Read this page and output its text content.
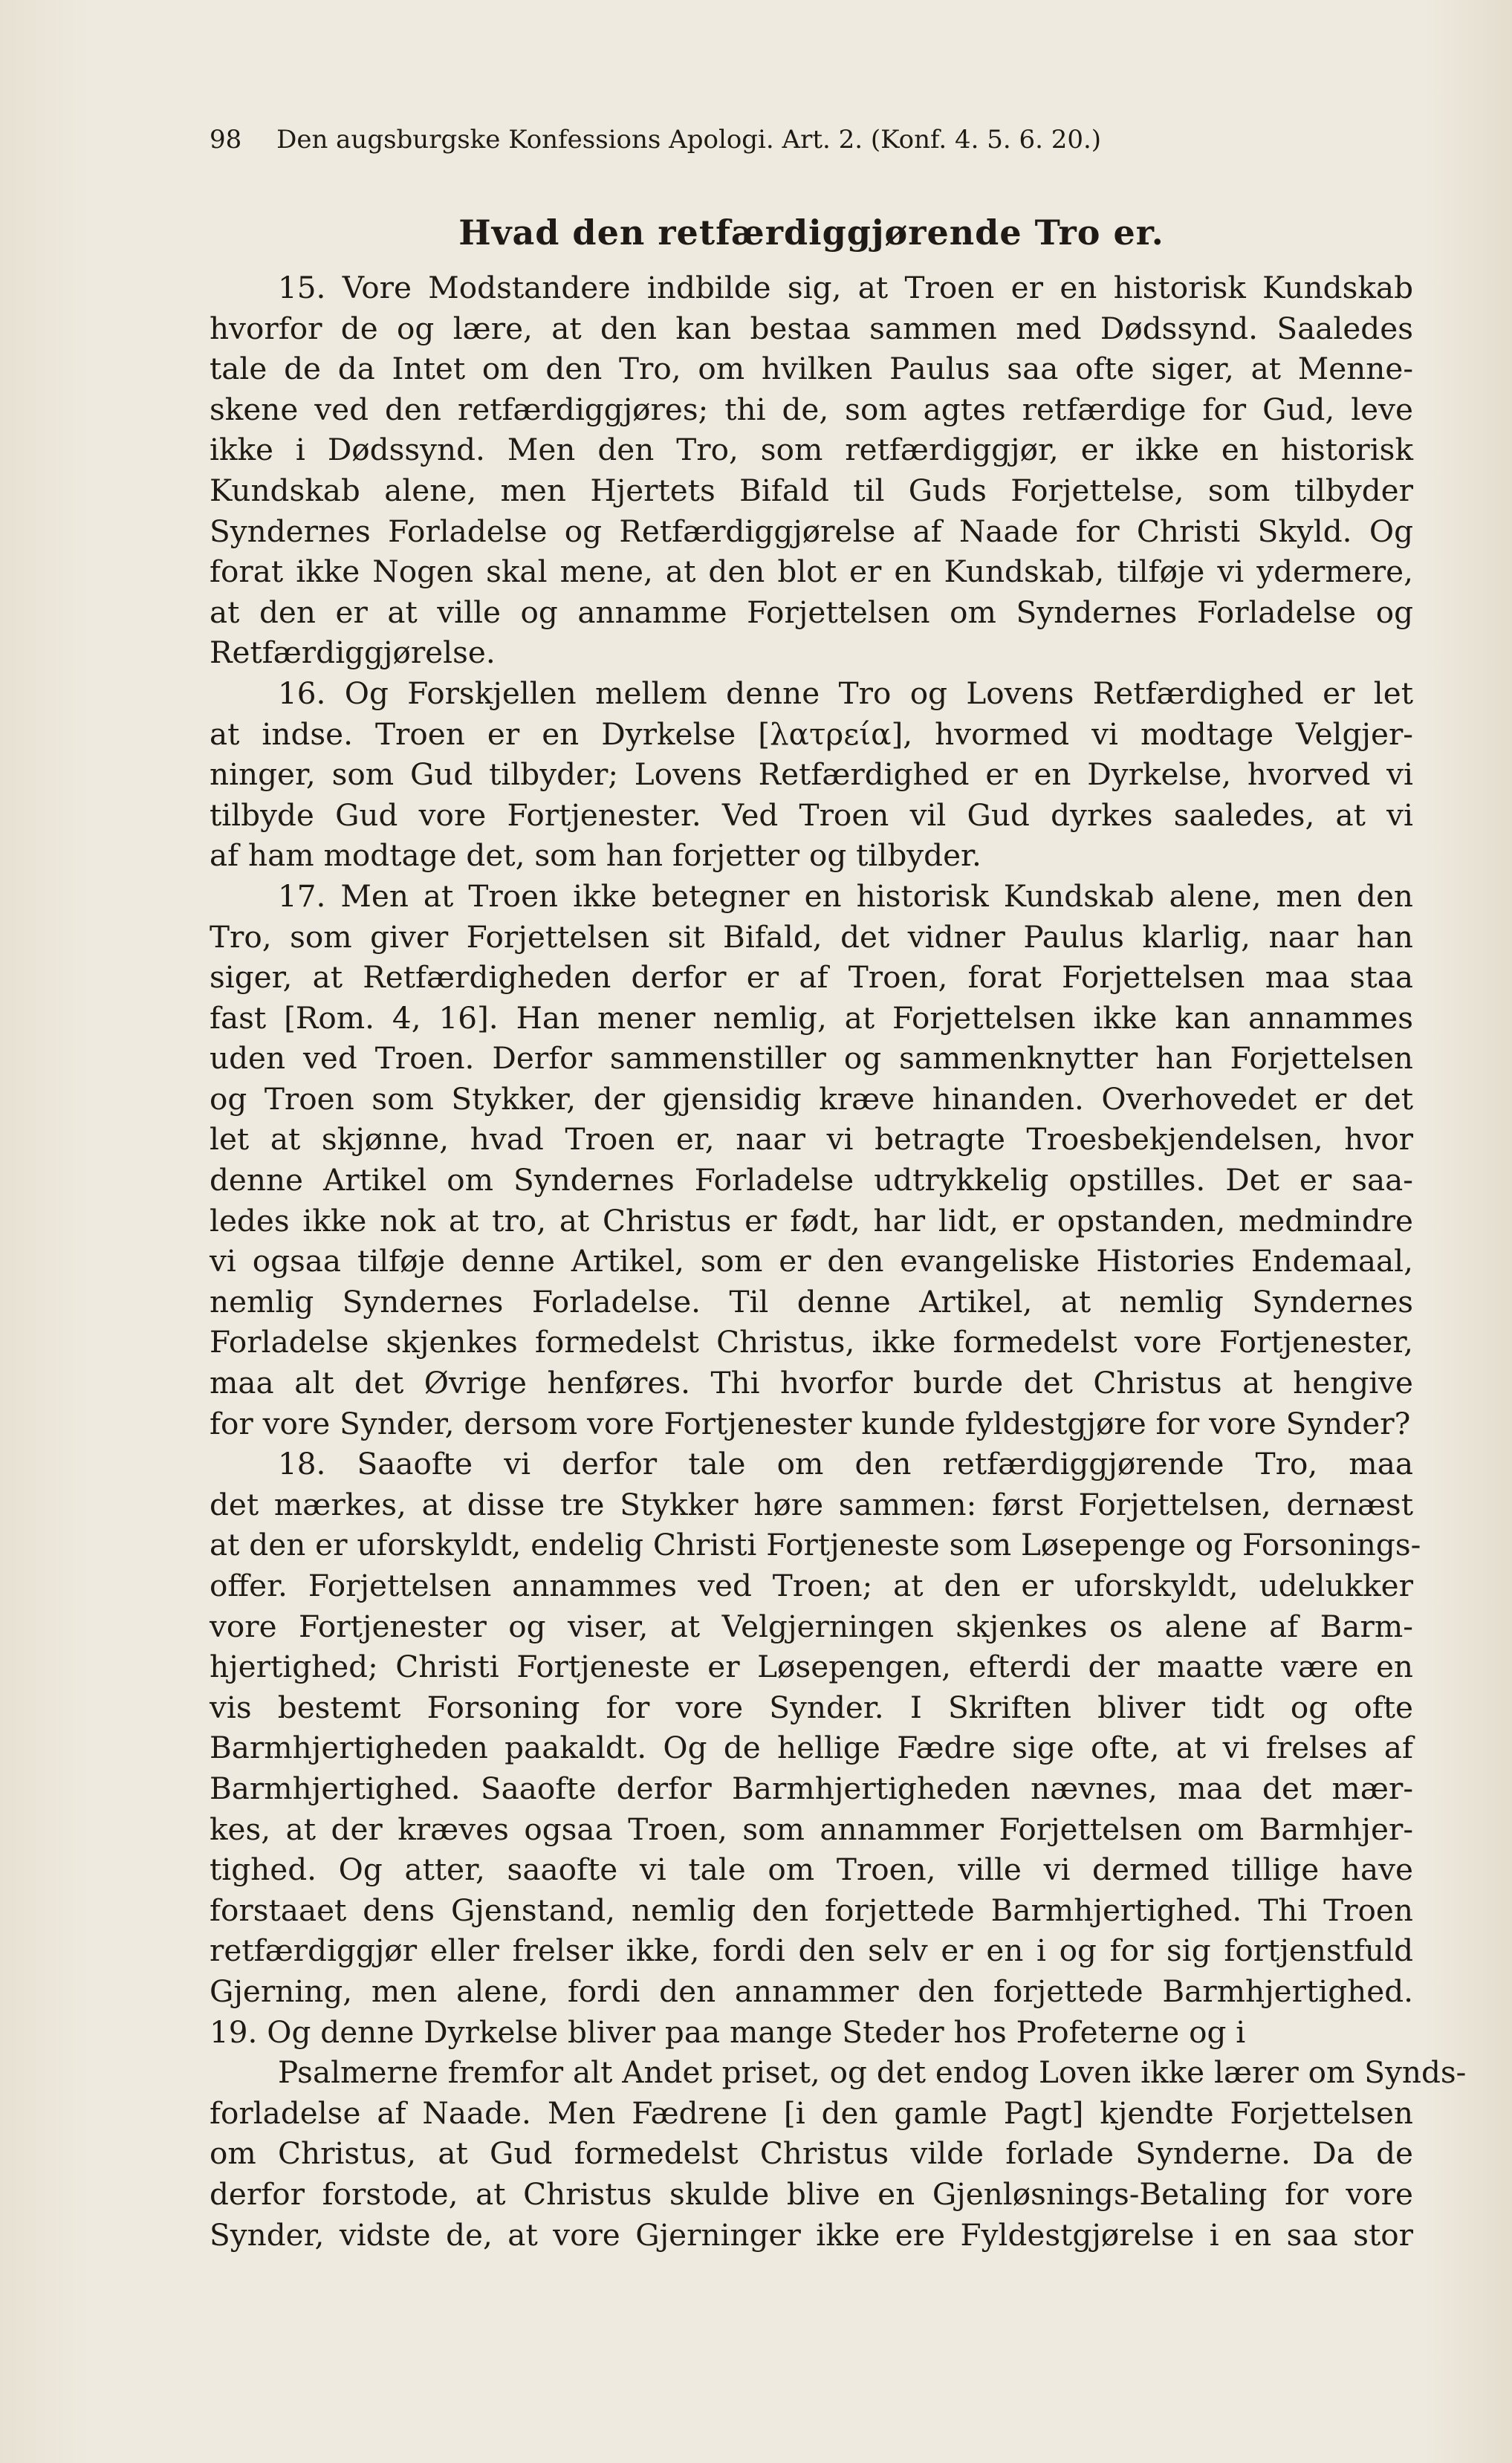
98 Den augsburgske Konfessions Apologi. Art. 2. (Konf. 4. 5. 6. 20.)
Hvad den retfærdiggjørende Tro er.
15. Vore Modstandere indbilde sig, at Troen er en historisk Kundskab
hvorfor de og lære, at den kan bestaa sammen med Dødssynd. Saaledes
tale de da Intet om den Tro, om hvilken Paulus saa ofte siger, at Menne-
skene ved den retfærdiggjøres; thi de, som agtes retfærdige for Gud, leve
ikke i Dødssynd. Men den Tro, som retfærdiggjør, er ikke en historisk
Kundskab alene, men Hjertets Bifald til Guds Forjettelse, som tilbyder
Syndernes Forladelse og Retfærdiggjørelse af Naade for Christi Skyld. Og
forat ikke Nogen skal mene, at den blot er en Kundskab, tilføje vi ydermere,
at den er at ville og annamme Forjettelsen om Syndernes Forladelse og
Retfærdiggjørelse.
16. Og Forskjellen mellem denne Tro og Lovens Retfærdighed er let
at indse. Troen er en Dyrkelse [λατρεία], hvormed vi modtage Velgjer-
ninger, som Gud tilbyder; Lovens Retfærdighed er en Dyrkelse, hvorved vi
tilbyde Gud vore Fortjenester. Ved Troen vil Gud dyrkes saaledes, at vi
af ham modtage det, som han forjetter og tilbyder.
17. Men at Troen ikke betegner en historisk Kundskab alene, men den
Tro, som giver Forjettelsen sit Bifald, det vidner Paulus klarlig, naar han
siger, at Retfærdigheden derfor er af Troen, forat Forjettelsen maa staa
fast [Rom. 4, 16]. Han mener nemlig, at Forjettelsen ikke kan annammes
uden ved Troen. Derfor sammenstiller og sammenknytter han Forjettelsen
og Troen som Stykker, der gjensidig kræve hinanden. Overhovedet er det
let at skjønne, hvad Troen er, naar vi betragte Troesbekjendelsen, hvor
denne Artikel om Syndernes Forladelse udtrykkelig opstilles. Det er saa-
ledes ikke nok at tro, at Christus er født, har lidt, er opstanden, medmindre
vi ogsaa tilføje denne Artikel, som er den evangeliske Histories Endemaal,
nemlig Syndernes Forladelse. Til denne Artikel, at nemlig Syndernes
Forladelse skjenkes formedelst Christus, ikke formedelst vore Fortjenester,
maa alt det Øvrige henføres. Thi hvorfor burde det Christus at hengive
for vore Synder, dersom vore Fortjenester kunde fyldestgjøre for vore Synder?
18. Saaofte vi derfor tale om den retfærdiggjørende Tro, maa
det mærkes, at disse tre Stykker høre sammen: først Forjettelsen, dernæst
at den er uforskyldt, endelig Christi Fortjeneste som Løsepenge og Forsonings-
offer. Forjettelsen annammes ved Troen; at den er uforskyldt, udelukker
vore Fortjenester og viser, at Velgjerningen skjenkes os alene af Barm-
hjertighed; Christi Fortjeneste er Løsepengen, efterdi der maatte være en
vis bestemt Forsoning for vore Synder. I Skriften bliver tidt og ofte
Barmhjertigheden paakaldt. Og de hellige Fædre sige ofte, at vi frelses af
Barmhjertighed. Saaofte derfor Barmhjertigheden nævnes, maa det mær-
kes, at der kræves ogsaa Troen, som annammer Forjettelsen om Barmhjer-
tighed. Og atter, saaofte vi tale om Troen, ville vi dermed tillige have
forstaaet dens Gjenstand, nemlig den forjettede Barmhjertighed. Thi Troen
retfærdiggjør eller frelser ikke, fordi den selv er en i og for sig fortjenstfuld
Gjerning, men alene, fordi den annammer den forjettede Barmhjertighed.
19. Og denne Dyrkelse bliver paa mange Steder hos Profeterne og i
Psalmerne fremfor alt Andet priset, og det endog Loven ikke lærer om Synds-
forladelse af Naade. Men Fædrene [i den gamle Pagt] kjendte Forjettelsen
om Christus, at Gud formedelst Christus vilde forlade Synderne. Da de
derfor forstode, at Christus skulde blive en Gjenløsnings-Betaling for vore
Synder, vidste de, at vore Gjerninger ikke ere Fyldestgjørelse i en saa stor
